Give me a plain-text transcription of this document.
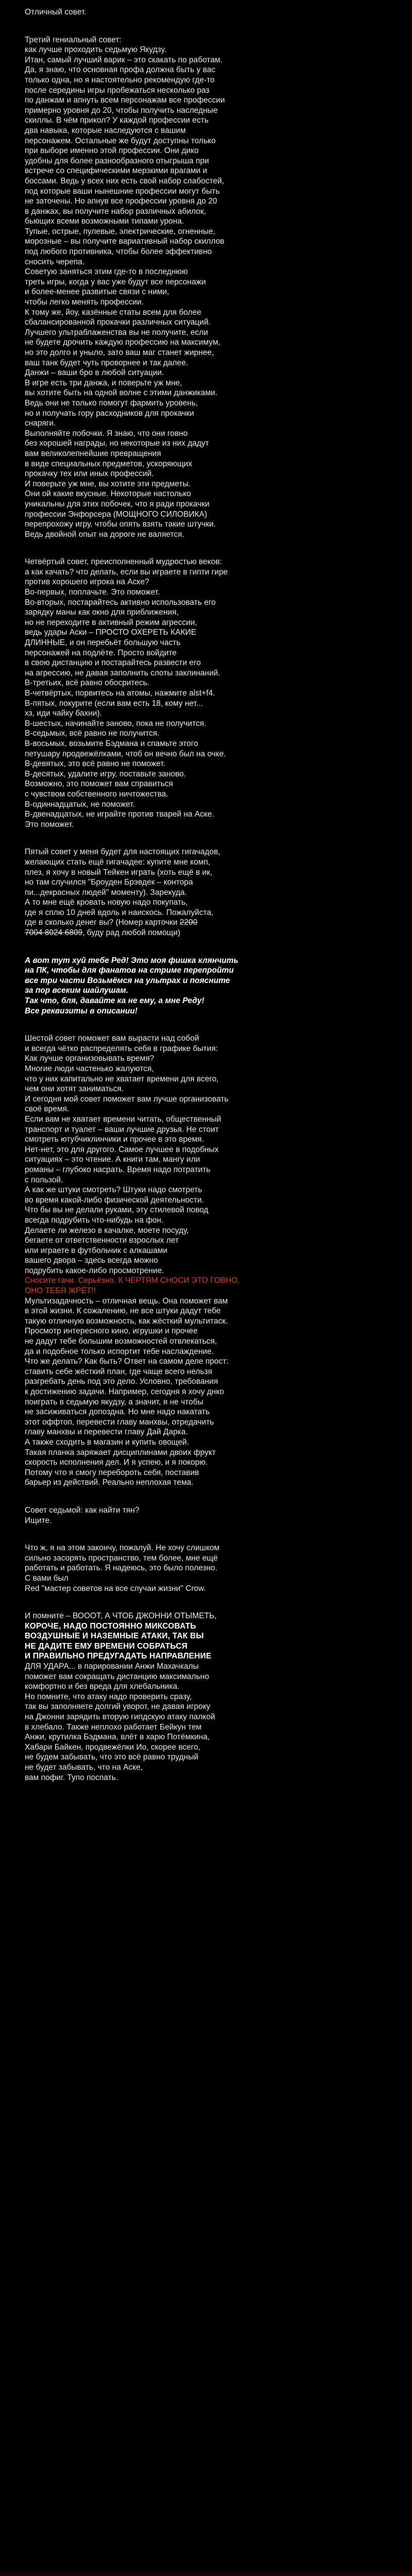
Отличный совет.
Третий гениальный совет:
как лучше проходить седьмую Якудзу.
Итан, самый лучший варик – это скакать по работам.
Да, я знаю, что основная профа должна быть у вас
только одна, но я настоятельно рекомендую где-то
после середины игры пробежаться несколько раз
по данжам и апнуть всем персонажам все профессии
примерно уровня до 20, чтобы получить наследные
скиллы. В чём прикол? У каждой профессии есть
два навыка, которые наследуются с вашим
персонажем. Остальные же будут доступны только
при выборе именно этой профессии. Они дико
удобны для более разнообразного отыгрыша при
встрече со специфическими мерзкими врагами и
боссами. Ведь у всех них есть свой набор слабостей,
под которые ваши нынешние профессии могут быть
не заточены. Но апнув все профессии уровня до 20
в данжах, вы получите набор различных абилок,
бьющих всеми возможными типами урона.
Тупые, острые, пулевые, электрические, огненные,
морозные – вы получите вариативный набор скиллов
под любого противника, чтобы более эффективно
сносить черепа.
Советую заняться этим где-то в последнюю
треть игры, когда у вас уже будут все персонажи
и более-менее развитые связи с ними,
чтобы легко менять профессии.
К тому же, йоу, казённые статы всем для более
сбалансированной прокачки различных ситуаций.
Лучшего ультраблаженства вы не получите, если
не будете дрочить каждую профессию на максимум,
но это долго и уныло, зато ваш маг станет жирнее,
ваш танк будет чуть проворнее и так далее.
Данжи – ваши бро в любой ситуации.
В игре есть три данжа, и поверьте уж мне,
вы хотите быть на одной волне с этими данжиками.
Ведь они не только помогут фармить уровень,
но и получать гору расходников для прокачки
снаряги.
Выполняйте побочки. Я знаю, что они говно
без хорошей награды, но некоторые из них дадут
вам великолепнейшие превращения
в виде специальных предметов, ускоряющих
прокачку тех или иных профессий.
И поверьте уж мне, вы хотите эти предметы.
Они ой какие вкусные. Некоторые настолько
уникальны для этих побочек, что я ради прокачки
профессии Энфорсера (МОЩНОГО СИЛОВИКА)
перепрохожу игру, чтобы опять взять такие штучки.
Ведь двойной опыт на дороге не валяется.
Четвёртый совет, преисполненный мудростью веков:
а как качать? что делать, если вы играете в гипти гире
против хорошего игрока на Аске?
Во-первых, поплачьте. Это поможет.
Во-вторых, постарайтесь активно использовать его
зарядку маны как окно для приближения,
но не переходите в активный режим агрессии,
ведь удары Аски – ПРОСТО ОХЕРЕТЬ КАКИЕ
ДЛИННЫЕ, и он перебьёт большую часть
персонажей на подлёте. Просто войдите
в свою дистанцию и постарайтесь развести его
на агрессию, не давая заполнить слоты заклинаний.
В-третьих, всё равно обосритесь.
В-четвёртых, порвитесь на атомы, нажмите alst+f4.
В-пятых, покурите (если вам есть 18, кому нет...
хз, иди чайку бахни).
В-шестых, начинайте заново, пока не получится.
В-седьмых, всё равно не получится.
В-восьмых, возьмите Бэдмана и спамьте этого
петушару продвежёлками, чтоб он вечно был на очке.
В-девятых, это всё равно не поможет.
В-десятых, удалите игру, поставьте заново.
Возможно, это поможет вам справиться
с чувством собственного ничтожества.
В-одиннадцатых, не поможет.
В-двенадцатых, не играйте против тварей на Аске.
Это поможет.
Пятый совет у меня будет для настоящих гигачадов,
желающих стать ещё гигачадее: купите мне комп,
плез, я хочу в новый Тейкен играть (хоть ещё в ик,
но там случился "Броуден Брэвдек – контора
пи...декрасных людей" моменту). Зарекуда.
А то мне ещё кровать новую надо покупать,
где я сплю 10 дней вдоль и наискось. Пожалуйста,
где в сколько денег вы? (Номер карточки 2200
7004 8024 6809, буду рад любой помощи)
А вот тут хуй тебе Ред! Это моя фишка клянчить
на ПК, чтобы для фанатов на стриме перепройти
все три части Возьмёмся на ультрах и поясните
за пор всеким шайлушам.
Так что, бля, давайте ка не ему, а мне Реду!
Все реквизиты в описании!
Шестой совет поможет вам вырасти над собой
и всегда чётко распределять себя в графике бытия:
Как лучше организовывать время?
Многие люди частенько жалуются,
что у них капитально не хватает времени для всего,
чем они хотят заниматься.
И сегодня мой совет поможет вам лучше организовать
своё время.
Если вам не хватает времени читать, общественный
транспорт и туалет – ваши лучшие друзья. Не стоит
смотреть ютубчиклинчики и прочее в это время.
Нет-нет, это для другого. Самое лучшее в подобных
ситуациях – это чтение. А книги там, мангу или
романы – глубоко насрать. Время надо потратить
с пользой.
А как же штуки смотреть? Штуки надо смотреть
во время какой-либо физической деятельности.
Что бы вы не делали руками, эту стилевой повод
всегда подрубить что-нибудь на фон.
Делаете ли железо в качалке, моете посуду,
бегаете от ответственности взрослых лет
или играете в футбольчик с алкашами
вашего двора – здесь всегда можно
подрубить какое-либо просмотрение.
Сносите гачи. Серьёзно. К ЧЕРТЯМ СНОСИ ЭТО ГОВНО,
ОНО ТЕБЯ ЖРЁТ!!
Мультизадачность – отличная вещь. Она поможет вам
в этой жизни. К сожалению, не все штуки дадут тебе
такую отличную возможность, как жёсткий мультитаск.
Просмотр интересного кино, игрушки и прочее
не дадут тебе большим возможностей отвлекаться,
да и подобное только испортит тебе наслаждение.
Что же делать? Как быть? Ответ на самом деле прост:
ставить себе жёсткий план, где чаще всего нельзя
разгребать день под это дело. Условно, требования
к достижению задачи. Например, сегодня я хочу днко
поиграть в седьмую якудзу, а значит, я не чтобы
не засиживаться допоздна. Но мне надо накатать
этот оффтоп, перевести главу манхвы, отредачить
главу манхвы и перевести главу Дай Дарка.
А также сходить в магазин и купить овощей.
Такая планка заряжает дисциплинами двоих фрукт
скорость исполнения дел. И я успею, и я покорю.
Потому что я смогу перебороть себя, поставив
барьер из действий. Реально неплохая тема.
Совет седьмой: как найти тян?
Ищите.
Что ж, я на этом закончу, пожалуй. Не хочу слишком
сильно засорять пространство, тем более, мне ещё
работать и работать. Я надеюсь, это было полезно.
С вами был
Red "мастер советов на все случаи жизни" Crow.
И помните – ВОООТ, А ЧТОБ ДЖОННИ ОТЫМЕТЬ,
КОРОЧЕ, НАДО ПОСТОЯННО МИКСОВАТЬ
ВОЗДУШНЫЕ И НАЗЕМНЫЕ АТАКИ, ТАК ВЫ
НЕ ДАДИТЕ ЕМУ ВРЕМЕНИ СОБРАТЬСЯ
И ПРАВИЛЬНО ПРЕДУГАДАТЬ НАПРАВЛЕНИЕ
ДЛЯ УДАРА... в парировании Анжи Махачкалы
поможет вам сокращать дистанцию максимально
комфортно и без вреда для хлебальника.
Но помните, что атаку надо проверить сразу,
так вы заполняете долгий уворот, не давая игроку
на Джонни зарядить вторую гипдскую атаку палкой
в хлебало. Также неплохо работает Бейкун тем
Анжи, крутилка Бэдмана, влёт в харю Потёмкина,
Хабари Байкен, продвежёлки Ио, скорее всего,
не будем забывать, что это всё равно трудный
не будет забывать, что на Аске,
вам пофиг. Тупо поспать.
